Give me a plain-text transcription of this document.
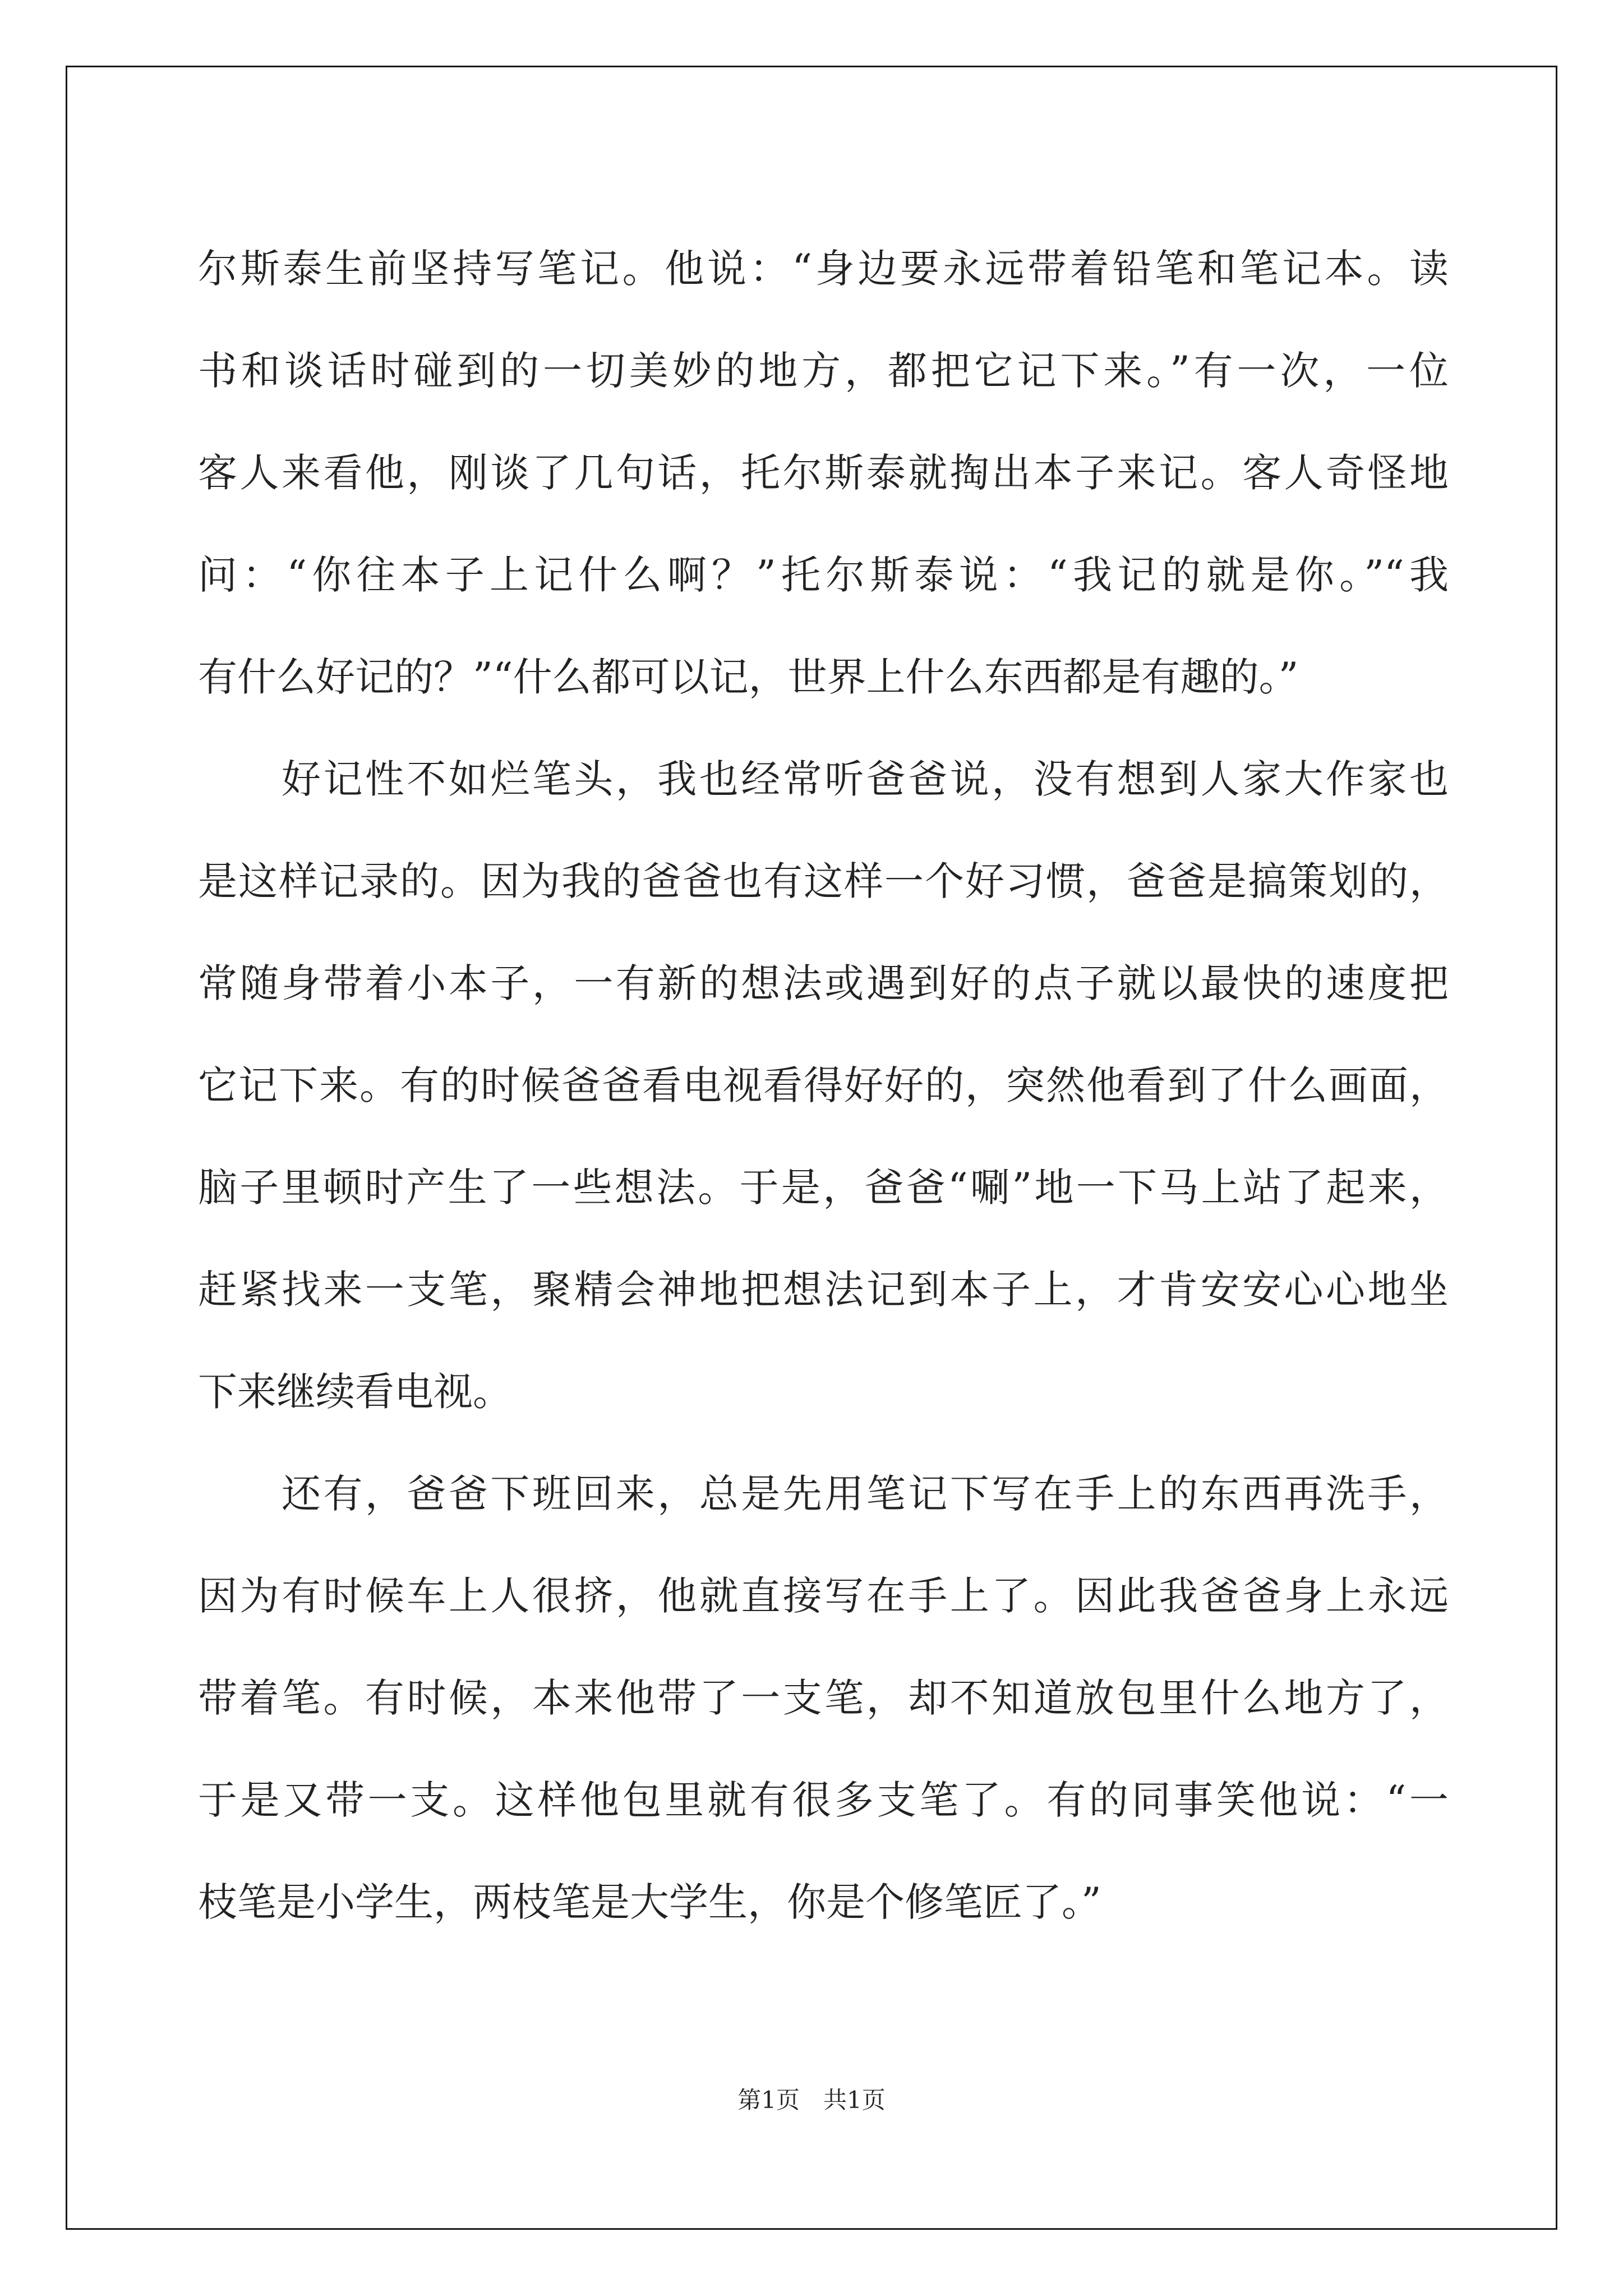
尔斯泰生前坚持写笔记。他说：“身边要永远带着铅笔和笔记本。读
书和谈话时碰到的一切美妙的地方，都把它记下来。”有一次，一位
客人来看他，刚谈了几句话，托尔斯泰就掏出本子来记。客人奇怪地
问：“你往本子上记什么啊？”托尔斯泰说：“我记的就是你。”“我
有什么好记的？”“什么都可以记，世界上什么东西都是有趣的。”
　　好记性不如烂笔头，我也经常听爸爸说，没有想到人家大作家也
是这样记录的。因为我的爸爸也有这样一个好习惯，爸爸是搞策划的，
常随身带着小本子，一有新的想法或遇到好的点子就以最快的速度把
它记下来。有的时候爸爸看电视看得好好的，突然他看到了什么画面，
脑子里顿时产生了一些想法。于是，爸爸“唰”地一下马上站了起来，
赶紧找来一支笔，聚精会神地把想法记到本子上，才肯安安心心地坐
下来继续看电视。
　　还有，爸爸下班回来，总是先用笔记下写在手上的东西再洗手，
因为有时候车上人很挤，他就直接写在手上了。因此我爸爸身上永远
带着笔。有时候，本来他带了一支笔，却不知道放包里什么地方了，
于是又带一支。这样他包里就有很多支笔了。有的同事笑他说：“一
枝笔是小学生，两枝笔是大学生，你是个修笔匠了。”
第1页　共1页
